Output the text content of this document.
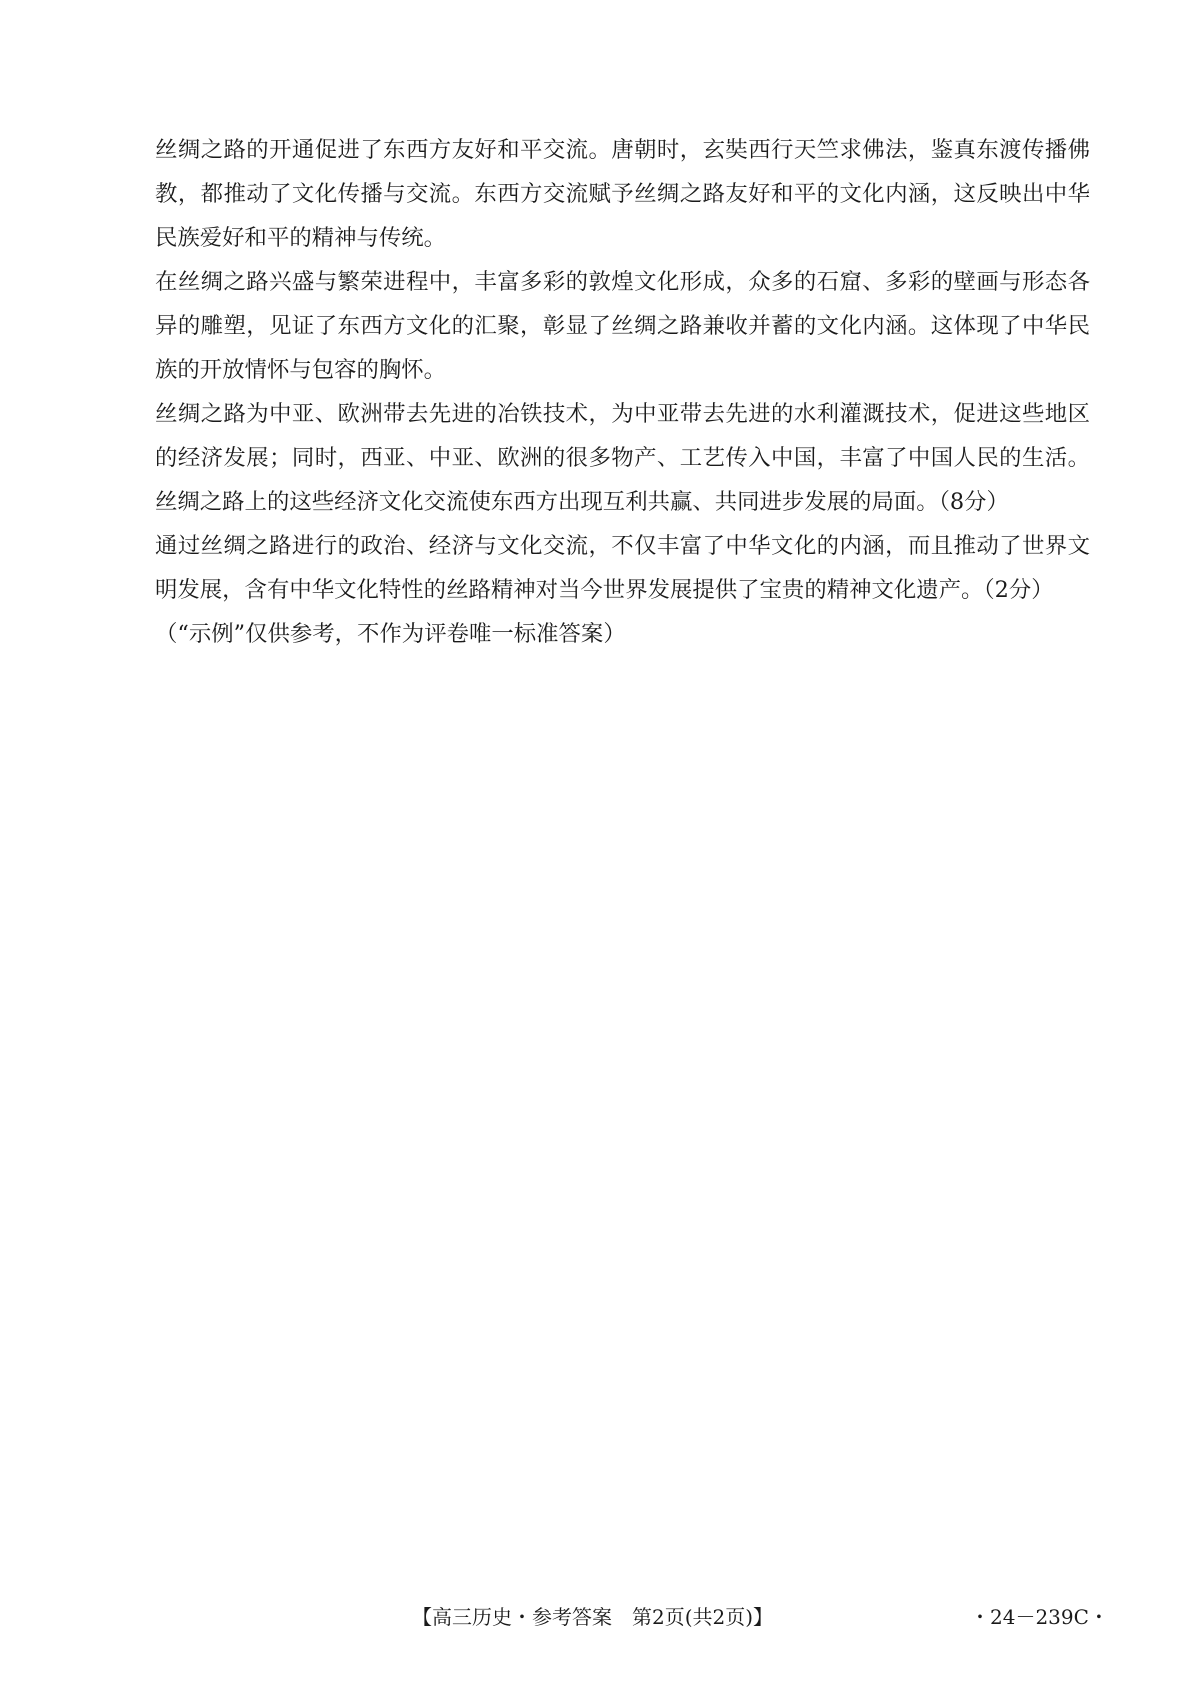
丝绸之路的开通促进了东西方友好和平交流。唐朝时，玄奘西行天竺求佛法，鉴真东渡传播佛教，都推动了文化传播与交流。东西方交流赋予丝绸之路友好和平的文化内涵，这反映出中华民族爱好和平的精神与传统。

在丝绸之路兴盛与繁荣进程中，丰富多彩的敦煌文化形成，众多的石窟、多彩的壁画与形态各异的雕塑，见证了东西方文化的汇聚，彰显了丝绸之路兼收并蓄的文化内涵。这体现了中华民族的开放情怀与包容的胸怀。

丝绸之路为中亚、欧洲带去先进的冶铁技术，为中亚带去先进的水利灌溉技术，促进这些地区的经济发展；同时，西亚、中亚、欧洲的很多物产、工艺传入中国，丰富了中国人民的生活。丝绸之路上的这些经济文化交流使东西方出现互利共赢、共同进步发展的局面。（8分）

通过丝绸之路进行的政治、经济与文化交流，不仅丰富了中华文化的内涵，而且推动了世界文明发展，含有中华文化特性的丝路精神对当今世界发展提供了宝贵的精神文化遗产。（2分）

（“示例”仅供参考，不作为评卷唯一标准答案）

【高三历史・参考答案　第2页(共2页)】	・24－239C・
